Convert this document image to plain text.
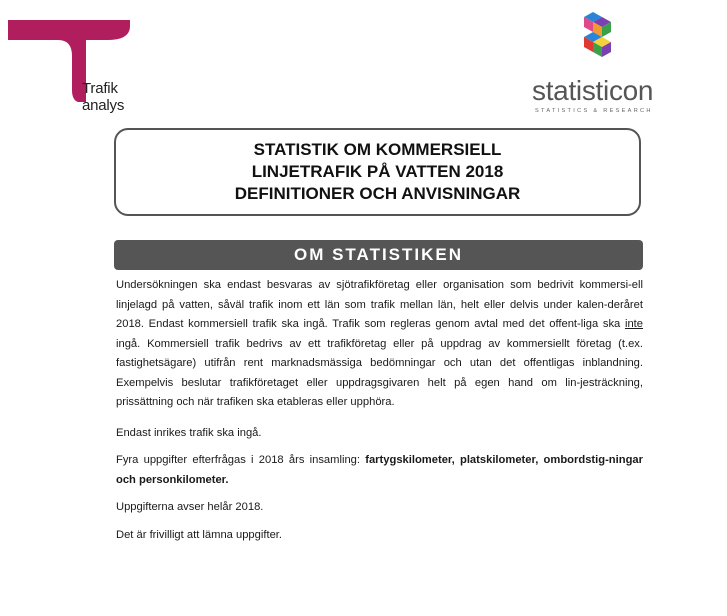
Trafik
analys	statisticon
STATISTICS & RESEARCH
STATISTIK OM KOMMERSIELL
LINJETRAFIK PÅ VATTEN 2018
DEFINITIONER OCH ANVISNINGAR
OM STATISTIKEN

Undersökningen ska endast besvaras av sjötrafikföretag eller organisation som bedrivit kommersi-ell linjelagd på vatten, såväl trafik inom ett län som trafik mellan län, helt eller delvis under kalen-deråret 2018. Endast kommersiell trafik ska ingå. Trafik som regleras genom avtal med det offent-liga ska inte ingå. Kommersiell trafik bedrivs av ett trafikföretag eller på uppdrag av kommersiellt företag (t.ex. fastighetsägare) utifrån rent marknadsmässiga bedömningar och utan det offentligas inblandning. Exempelvis beslutar trafikföretaget eller uppdragsgivaren helt på egen hand om lin-jesträckning, prissättning och när trafiken ska etableras eller upphöra.

Endast inrikes trafik ska ingå.

Fyra uppgifter efterfrågas i 2018 års insamling: fartygskilometer, platskilometer, ombordstig-ningar och personkilometer.

Uppgifterna avser helår 2018.

Det är frivilligt att lämna uppgifter.
